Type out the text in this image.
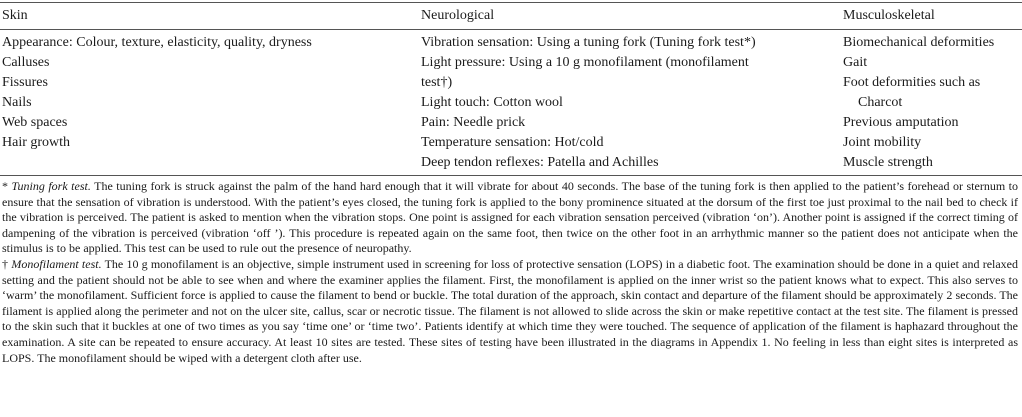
Skin	Neurological	Musculoskeletal
Appearance: Colour, texture, elasticity, quality, dryness
Calluses
Fissures
Nails
Web spaces
Hair growth
Vibration sensation: Using a tuning fork (Tuning fork test*)
Light pressure: Using a 10 g monofilament (monofilament
test†)
Light touch: Cotton wool
Pain: Needle prick
Temperature sensation: Hot/cold
Deep tendon reflexes: Patella and Achilles
Biomechanical deformities
Gait
Foot deformities such as
Charcot
Previous amputation
Joint mobility
Muscle strength

* Tuning fork test. The tuning fork is struck against the palm of the hand hard enough that it will vibrate for about 40 seconds. The base of the tuning fork is then applied to the patient’s forehead or sternum to ensure that the sensation of vibration is understood. With the patient’s eyes closed, the tuning fork is applied to the bony prominence situated at the dorsum of the first toe just proximal to the nail bed to check if the vibration is perceived. The patient is asked to mention when the vibration stops. One point is assigned for each vibration sensation perceived (vibration ‘on’). Another point is assigned if the correct timing of dampening of the vibration is perceived (vibration ‘off ’). This procedure is repeated again on the same foot, then twice on the other foot in an arrhythmic manner so the patient does not anticipate when the stimulus is to be applied. This test can be used to rule out the presence of neuropathy.

† Monofilament test. The 10 g monofilament is an objective, simple instrument used in screening for loss of protective sensation (LOPS) in a diabetic foot. The examination should be done in a quiet and relaxed setting and the patient should not be able to see when and where the examiner applies the filament. First, the monofilament is applied on the inner wrist so the patient knows what to expect. This also serves to ‘warm’ the monofilament. Sufficient force is applied to cause the filament to bend or buckle. The total duration of the approach, skin contact and departure of the filament should be approximately 2 seconds. The filament is applied along the perimeter and not on the ulcer site, callus, scar or necrotic tissue. The filament is not allowed to slide across the skin or make repetitive contact at the test site. The filament is pressed to the skin such that it buckles at one of two times as you say ‘time one’ or ‘time two’. Patients identify at which time they were touched. The sequence of application of the filament is haphazard throughout the examination. A site can be repeated to ensure accuracy. At least 10 sites are tested. These sites of testing have been illustrated in the diagrams in Appendix 1. No feeling in less than eight sites is interpreted as LOPS. The monofilament should be wiped with a detergent cloth after use.
